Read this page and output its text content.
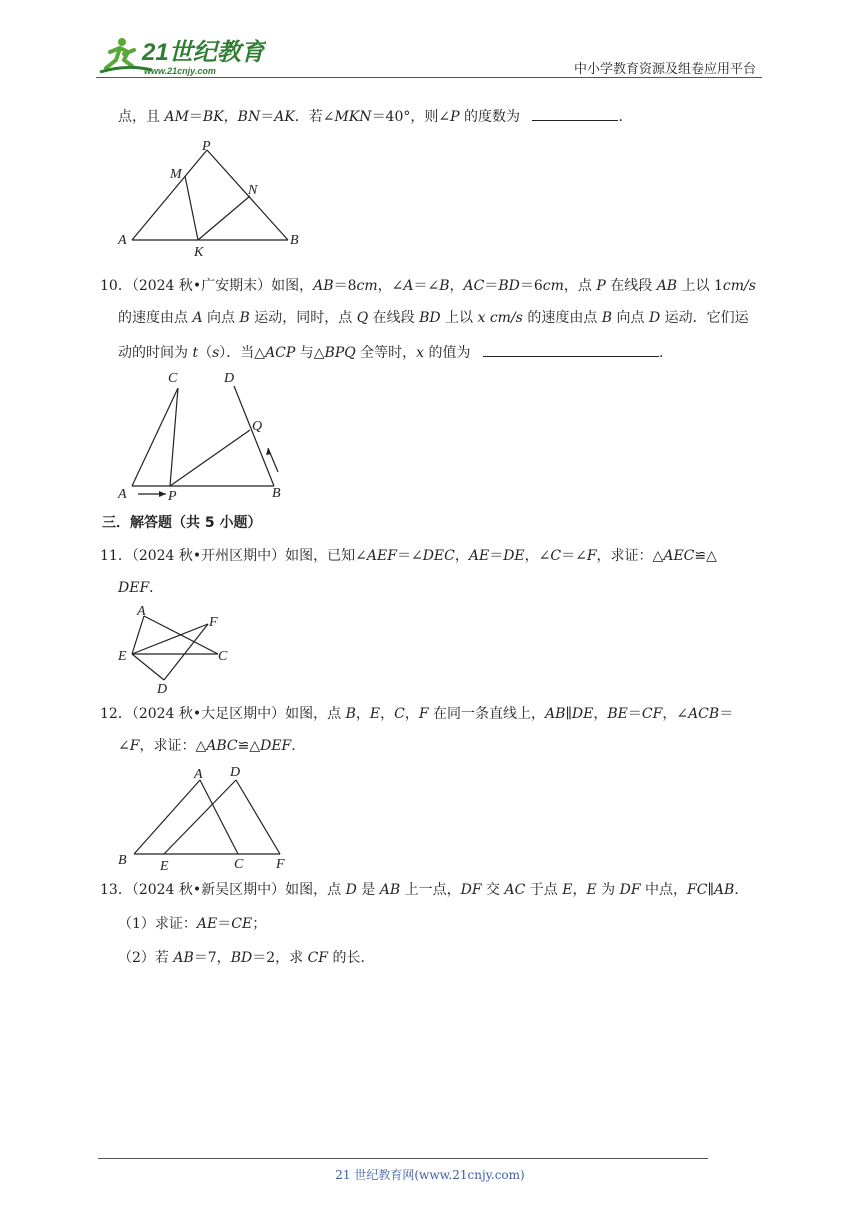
21世纪教育
www.21cnjy.com	中小学教育资源及组卷应用平台
点，且 AM＝BK，BN＝AK．若∠MKN＝40°，则∠P 的度数为	．
P
M
N
A
K
B
10．（2024 秋•广安期末）如图，AB＝8cm，∠A＝∠B，AC＝BD＝6cm，点 P 在线段 AB 上以 1cm/s
的速度由点 A 向点 B 运动，同时，点 Q 在线段 BD 上以 x cm/s 的速度由点 B 向点 D 运动．它们运
动的时间为 t（s）．当△ACP 与△BPQ 全等时，x 的值为	．
C	D
Q
A	P	B
三．解答题（共 5 小题）
11．（2024 秋•开州区期中）如图，已知∠AEF＝∠DEC，AE＝DE，∠C＝∠F，求证：△AEC≌△
DEF．
A
F
E	C
D
12．（2024 秋•大足区期中）如图，点 B，E，C，F 在同一条直线上，AB∥DE，BE＝CF，∠ACB＝
∠F，求证：△ABC≌△DEF．
A D
B E	C F
13．（2024 秋•新吴区期中）如图，点 D 是 AB 上一点，DF 交 AC 于点 E，E 为 DF 中点，FC∥AB．
（1）求证：AE＝CE；
（2）若 AB＝7，BD＝2，求 CF 的长．
21 世纪教育网(www.21cnjy.com)
